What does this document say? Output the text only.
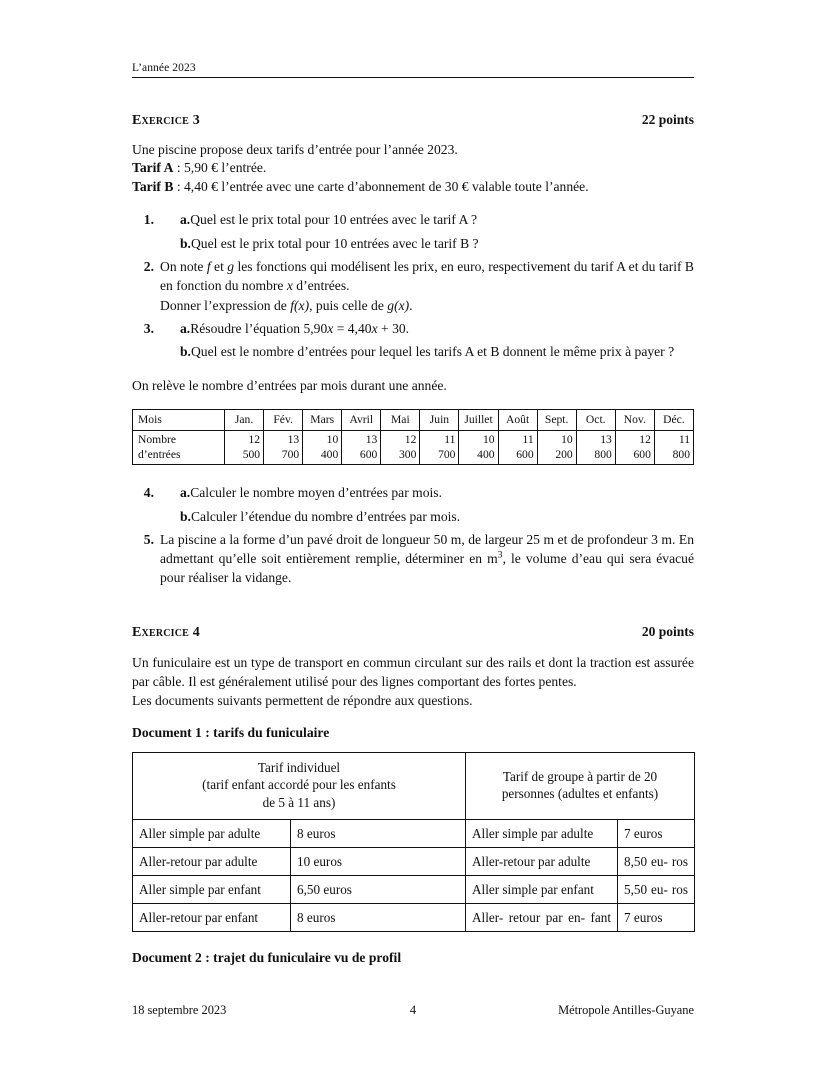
L’année 2023
Exercice 3	22 points

Une piscine propose deux tarifs d’entrée pour l’année 2023.

Tarif A : 5,90 € l’entrée.

Tarif B : 4,40 € l’entrée avec une carte d’abonnement de 30 € valable toute l’année.

1.	a. Quel est le prix total pour 10 entrées avec le tarif A ?
b. Quel est le prix total pour 10 entrées avec le tarif B ?
2. On note f et g les fonctions qui modélisent les prix, en euro, respectivement du tarif A et du tarif B en fonction du nombre x d’entrées.
Donner l’expression de f(x), puis celle de g(x).
3.	a. Résoudre l’équation 5,90x = 4,40x + 30.
b. Quel est le nombre d’entrées pour lequel les tarifs A et B donnent le même prix à payer ?

On relève le nombre d’entrées par mois durant une année.

Mois	Jan.	Fév.	Mars	Avril	Mai	Juin	Juillet	Août	Sept.	Oct.	Nov.	Déc.
Nombre
d’entrées	12 500	13 700	10 400	13 600	12 300	11 700	10 400	11 600	10 200	13 800	12 600	11 800
4.	a. Calculer le nombre moyen d’entrées par mois.
b. Calculer l’étendue du nombre d’entrées par mois.
5. La piscine a la forme d’un pavé droit de longueur 50 m, de largeur 25 m et de profondeur 3 m. En admettant qu’elle soit entièrement remplie, déterminer en $m^3$, le volume d’eau qui sera évacué pour réaliser la vidange.
Exercice 4	20 points

Un funiculaire est un type de transport en commun circulant sur des rails et dont la traction est assurée par câble. Il est généralement utilisé pour des lignes comportant des fortes pentes.

Les documents suivants permettent de répondre aux questions.

Document 1 : tarifs du funiculaire
Tarif individuel
(tarif enfant accordé pour les enfants
de 5 à 11 ans)		Tarif de groupe à partir de 20
personnes (adultes et enfants)	
Aller simple par adulte	8 euros	Aller simple par adulte	7 euros
Aller-retour par adulte	10 euros	Aller-retour par adulte	8,50 eu- ros
Aller simple par enfant	6,50 euros	Aller simple par enfant	5,50 eu- ros
Aller-retour par enfant	8 euros	Aller- retour par en- fant	7 euros
Document 2 : trajet du funiculaire vu de profil
18 septembre 2023	4	Métropole Antilles-Guyane
